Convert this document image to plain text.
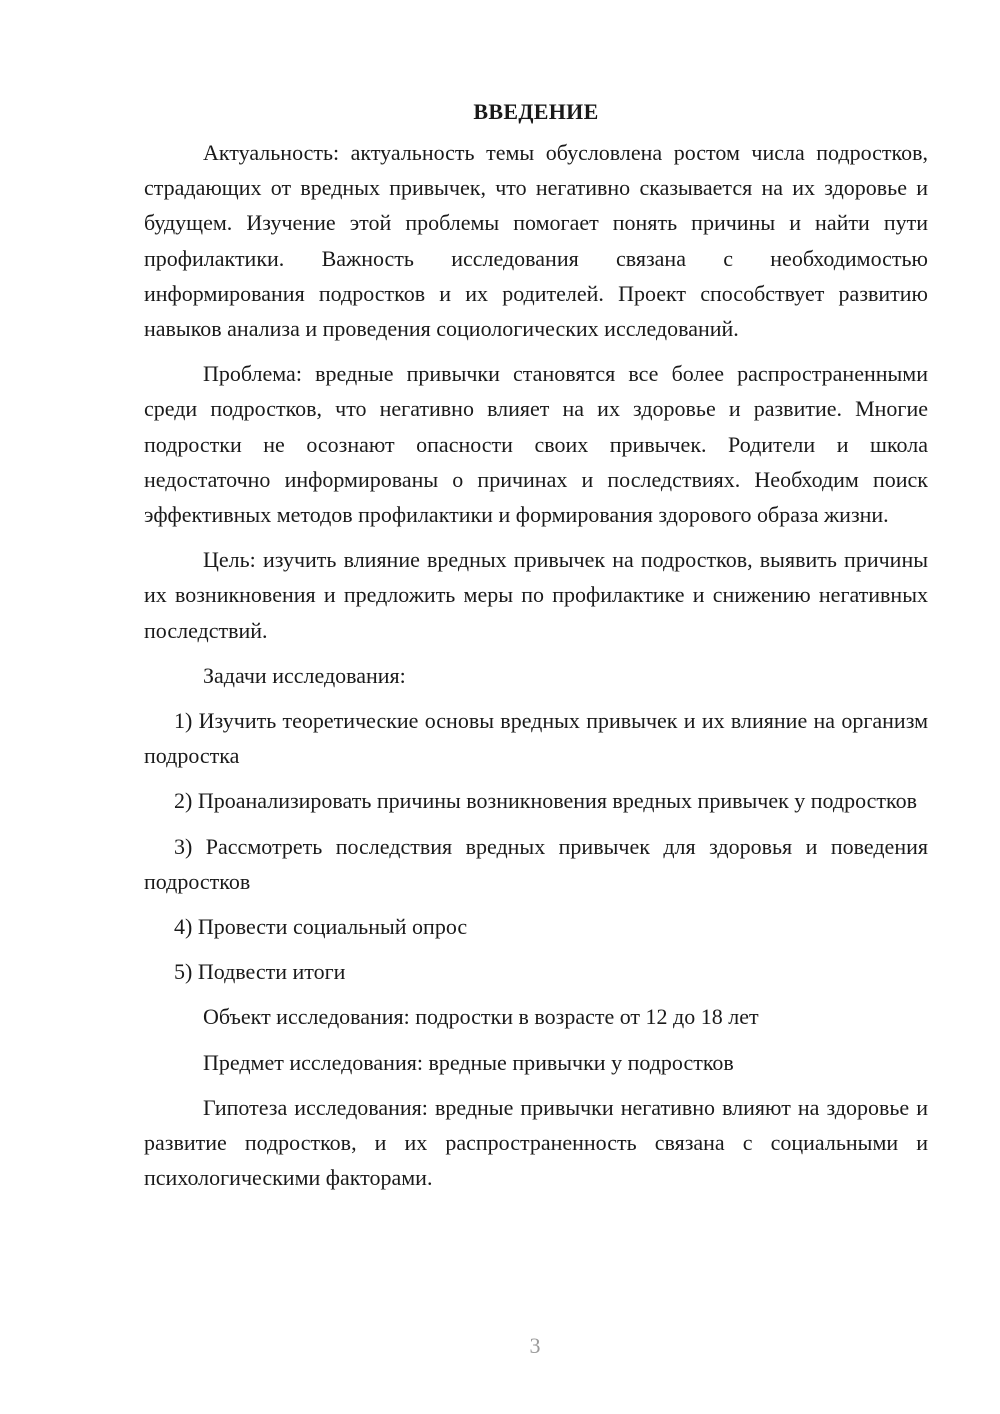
ВВЕДЕНИЕ

Актуальность: актуальность темы обусловлена ростом числа подростков, страдающих от вредных привычек, что негативно сказывается на их здоровье и будущем. Изучение этой проблемы помогает понять причины и найти пути профилактики. Важность исследования связана с необходимостью информирования подростков и их родителей. Проект способствует развитию навыков анализа и проведения социологических исследований.

Проблема: вредные привычки становятся все более распространенными среди подростков, что негативно влияет на их здоровье и развитие. Многие подростки не осознают опасности своих привычек. Родители и школа недостаточно информированы о причинах и последствиях. Необходим поиск эффективных методов профилактики и формирования здорового образа жизни.

Цель: изучить влияние вредных привычек на подростков, выявить причины их возникновения и предложить меры по профилактике и снижению негативных последствий.

Задачи исследования:

1) Изучить теоретические основы вредных привычек и их влияние на организм подростка

2) Проанализировать причины возникновения вредных привычек у подростков

3) Рассмотреть последствия вредных привычек для здоровья и поведения подростков

4) Провести социальный опрос

5) Подвести итоги

Объект исследования: подростки в возрасте от 12 до 18 лет

Предмет исследования: вредные привычки у подростков

Гипотеза исследования: вредные привычки негативно влияют на здоровье и развитие подростков, и их распространенность связана с социальными и психологическими факторами.

3
